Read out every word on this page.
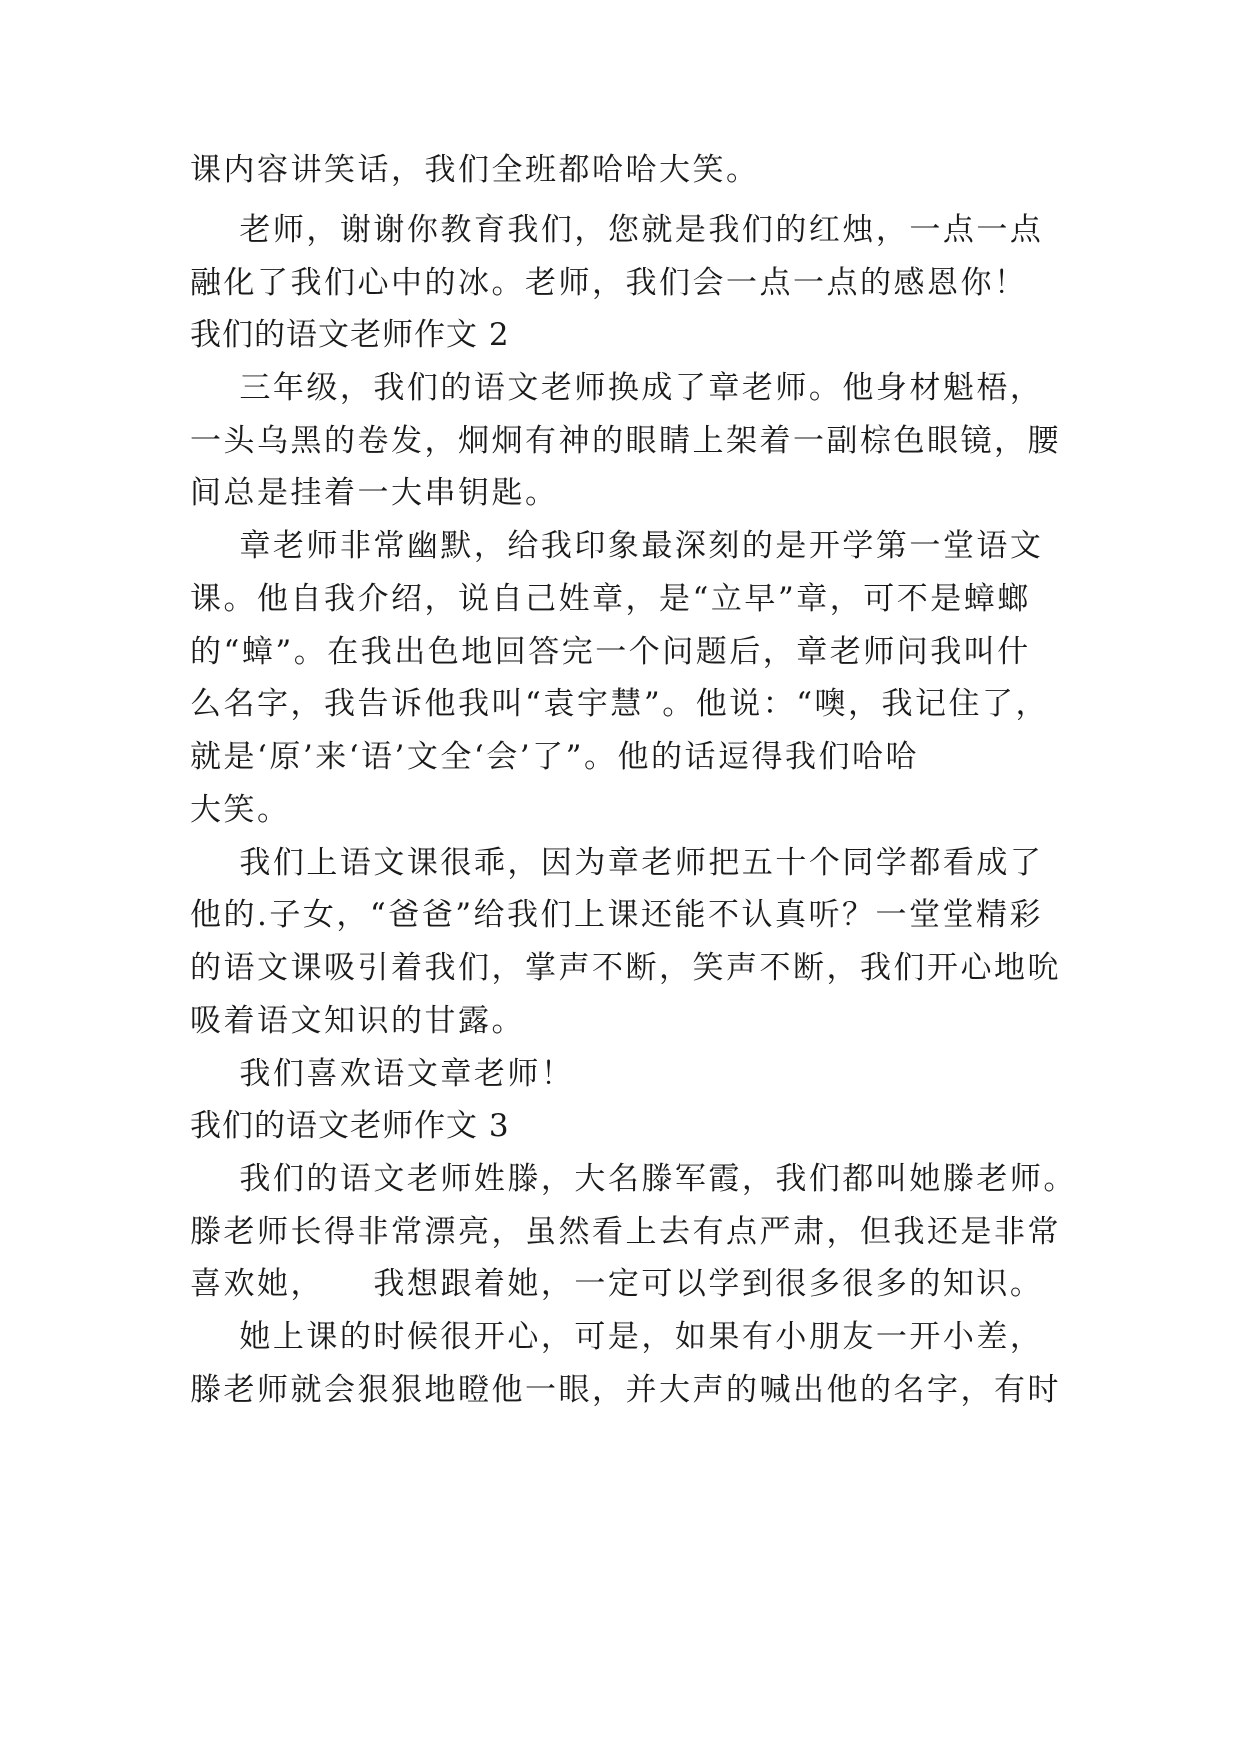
课内容讲笑话，我们全班都哈哈大笑。
老师，谢谢你教育我们，您就是我们的红烛，一点一点
融化了我们心中的冰。老师，我们会一点一点的感恩你！
我们的语文老师作文 2
三年级，我们的语文老师换成了章老师。他身材魁梧，
一头乌黑的卷发，炯炯有神的眼睛上架着一副棕色眼镜，腰
间总是挂着一大串钥匙。
章老师非常幽默，给我印象最深刻的是开学第一堂语文
课。他自我介绍，说自己姓章，是“立早”章，可不是蟑螂
的“蟑”。在我出色地回答完一个问题后，章老师问我叫什
么名字，我告诉他我叫“袁宇慧”。他说：“噢，我记住了，
就是‘原’来‘语’文全‘会’了”。他的话逗得我们哈哈
大笑。
我们上语文课很乖，因为章老师把五十个同学都看成了
他的.子女，“爸爸”给我们上课还能不认真听？一堂堂精彩
的语文课吸引着我们，掌声不断，笑声不断，我们开心地吮
吸着语文知识的甘露。
我们喜欢语文章老师！
我们的语文老师作文 3
我们的语文老师姓滕，大名滕军霞，我们都叫她滕老师。
滕老师长得非常漂亮，虽然看上去有点严肃，但我还是非常
喜欢她，    我想跟着她，一定可以学到很多很多的知识。
她上课的时候很开心，可是，如果有小朋友一开小差，
滕老师就会狠狠地瞪他一眼，并大声的喊出他的名字，有时
